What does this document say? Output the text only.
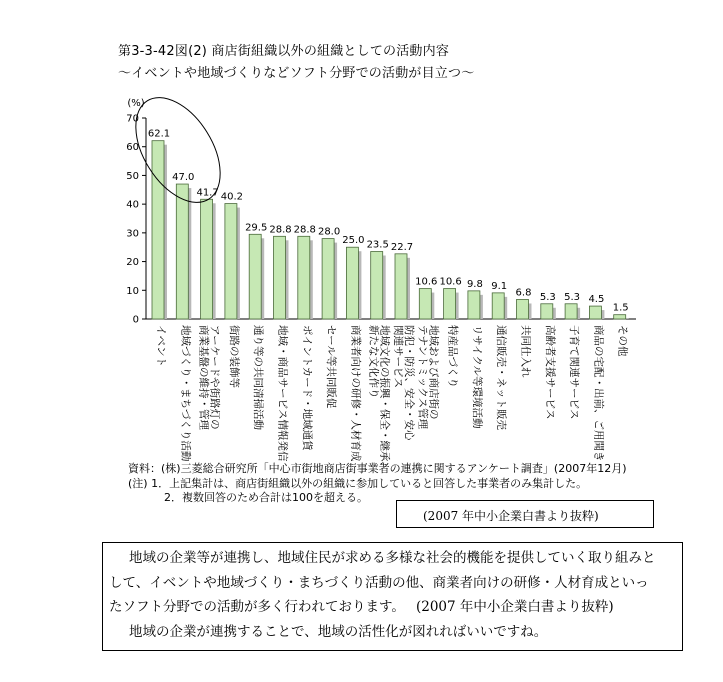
第3-3-42図(2) 商店街組織以外の組織としての活動内容
～イベントや地域づくりなどソフト分野での活動が目立つ～
0
10
20
30
40
50
60
70
(%)
62.1
47.0
41.7 40.2
29.5 28.8 28.8 28.0
25.0 23.5 22.7
10.6 10.6 9.8 9.1
6.8 5.3 5.3 4.5
1.5
イベント 地域づくり・まちづくり活動 アーケードや街路灯の
商業基盤の維持・管理 街路の装飾等 通り等の共同清掃活動 地域・商品サービス情報発信 ポイントカード・地域通貨 セール等共同販促 商業者向けの研修・人材育成 地域文化の振興・保全・継承、
新たな文化作り 防犯・防災、安全・安心
関連サービス 地域および商店街の
テナントミックス管理 特産品づくり リサイクル等環境活動 通信販売・ネット販売 共同仕入れ 高齢者支援サービス 子育て関連サービス 商品の宅配・出前、ご用聞き その他
資料：(株)三菱総合研究所「中心市街地商店街事業者の連携に関するアンケート調査」(2007年12月)
(注) 1．上記集計は、商店街組織以外の組織に参加していると回答した事業者のみ集計した。
2．複数回答のため合計は100を超える。
(2007 年中小企業白書より抜粋)
地域の企業等が連携し、地域住民が求める多様な社会的機能を提供していく取り組みと
して、イベントや地域づくり・まちづくり活動の他、商業者向けの研修・人材育成といっ
たソフト分野での活動が多く行われております。　 (2007 年中小企業白書より抜粋)
地域の企業が連携することで、地域の活性化が図れればいいですね。
